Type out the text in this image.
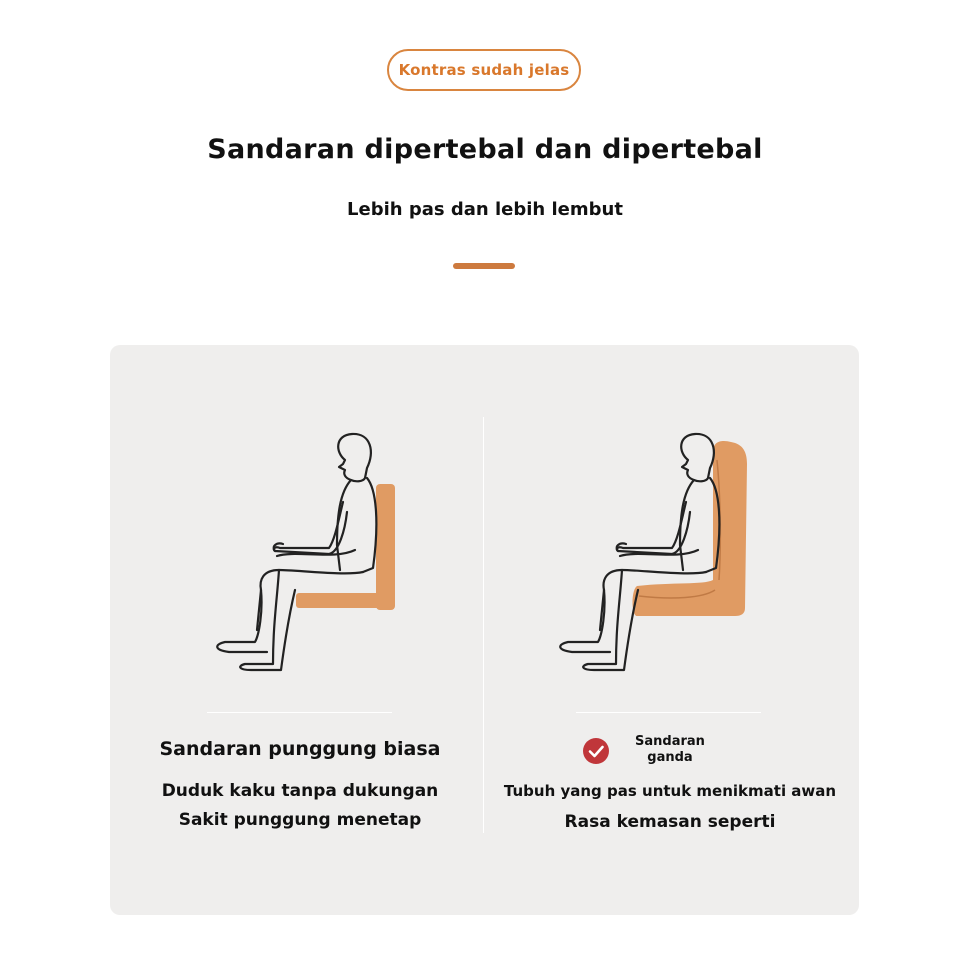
Kontras sudah jelas
Sandaran dipertebal dan dipertebal
Lebih pas dan lebih lembut
Sandaran punggung biasa
Duduk kaku tanpa dukungan
Sakit punggung menetap
Sandaran ganda
Tubuh yang pas untuk menikmati awan
Rasa kemasan seperti
